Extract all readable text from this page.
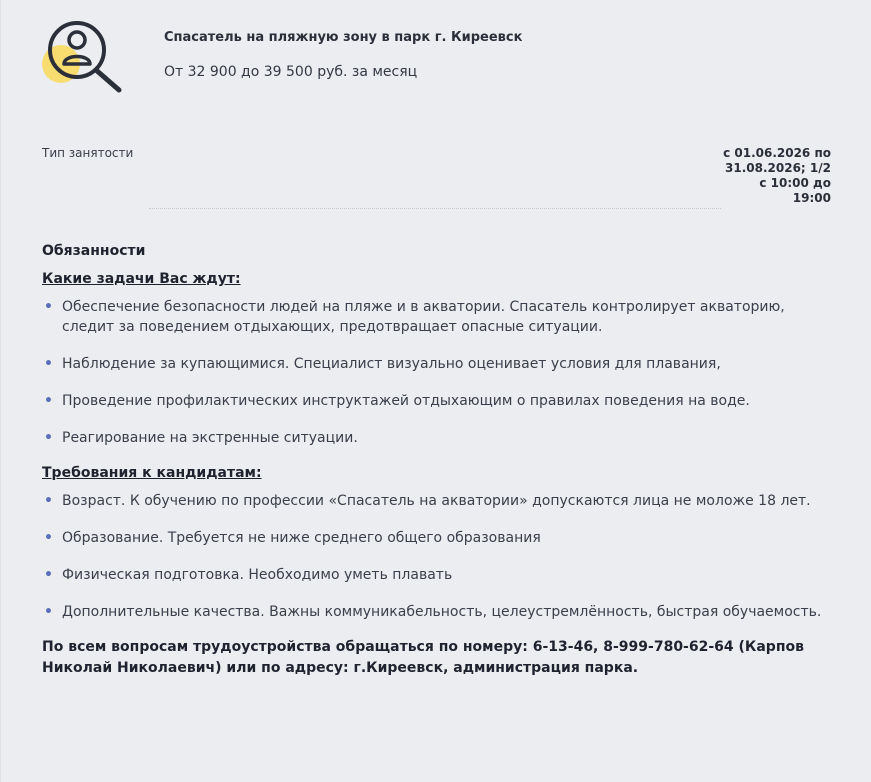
Спасатель на пляжную зону в парк г. Киреевск
От 32 900 до 39 500 руб. за месяц
Тип занятости	с 01.06.2026 по
31.08.2026; 1/2
с 10:00 до
19:00
Обязанности
Какие задачи Вас ждут:
• Обеспечение безопасности людей на пляже и в акватории. Спасатель контролирует акваторию, следит за поведением отдыхающих, предотвращает опасные ситуации.
• Наблюдение за купающимися. Специалист визуально оценивает условия для плавания,
• Проведение профилактических инструктажей отдыхающим о правилах поведения на воде.
• Реагирование на экстренные ситуации.
Требования к кандидатам:
• Возраст. К обучению по профессии «Спасатель на акватории» допускаются лица не моложе 18 лет.
• Образование. Требуется не ниже среднего общего образования
• Физическая подготовка. Необходимо уметь плавать
• Дополнительные качества. Важны коммуникабельность, целеустремлённость, быстрая обучаемость.
По всем вопросам трудоустройства обращаться по номеру: 6-13-46, 8-999-780-62-64 (Карпов Николай Николаевич) или по адресу: г.Киреевск, администрация парка.
